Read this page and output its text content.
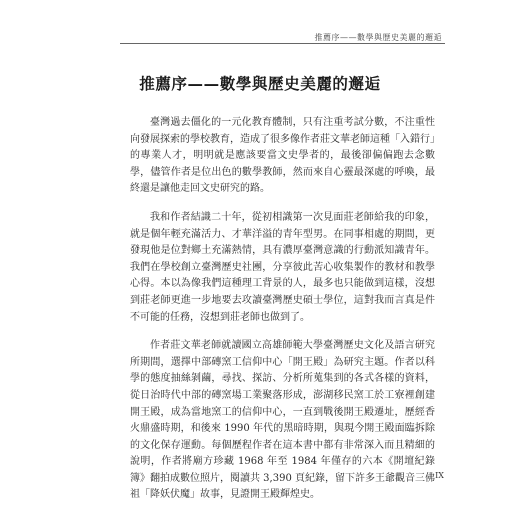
推薦序——數學與歷史美麗的邂逅
推薦序——數學與歷史美麗的邂逅

臺灣過去僵化的一元化教育體制，只有注重考試分數，不注重性向發展探索的學校教育，造成了很多像作者莊文華老師這種「入錯行」的專業人才，明明就是應該要當文史學者的，最後卻偏偏跑去念數學，儘管作者是位出色的數學教師，然而來自心靈最深處的呼喚，最終還是讓他走回文史研究的路。

我和作者結識二十年，從初相識第一次見面莊老師給我的印象，就是個年輕充滿活力、才華洋溢的青年型男。在同事相處的期間，更發現他是位對鄉土充滿熱情，具有濃厚臺灣意識的行動派知識青年。我們在學校創立臺灣歷史社團，分享彼此苦心收集製作的教材和教學心得。本以為像我們這種理工背景的人，最多也只能做到這樣，沒想到莊老師更進一步地要去攻讀臺灣歷史碩士學位，這對我而言真是件不可能的任務，沒想到莊老師也做到了。

作者莊文華老師就讀國立高雄師範大學臺灣歷史文化及語言研究所期間，選擇中部磚窯工信仰中心「開王殿」為研究主題。作者以科學的態度抽絲剝繭，尋找、探訪、分析所蒐集到的各式各樣的資料，從日治時代中部的磚窯場工業聚落形成，澎湖移民窯工於工寮裡創建開王殿，成為當地窯工的信仰中心，一直到戰後開王殿遷址，歷經香火鼎盛時期，和後來 1990 年代的黑暗時期，與現今開王殿面臨拆除的文化保存運動。每個歷程作者在這本書中都有非常深入而且精細的說明，作者將廟方珍藏 1968 年至 1984 年僅存的六本《開壇紀錄簿》翻拍成數位照片，閱讀共 3,390 頁紀錄，留下許多王爺觀音三佛祖「降妖伏魔」故事，見證開王殿輝煌史。

IX
